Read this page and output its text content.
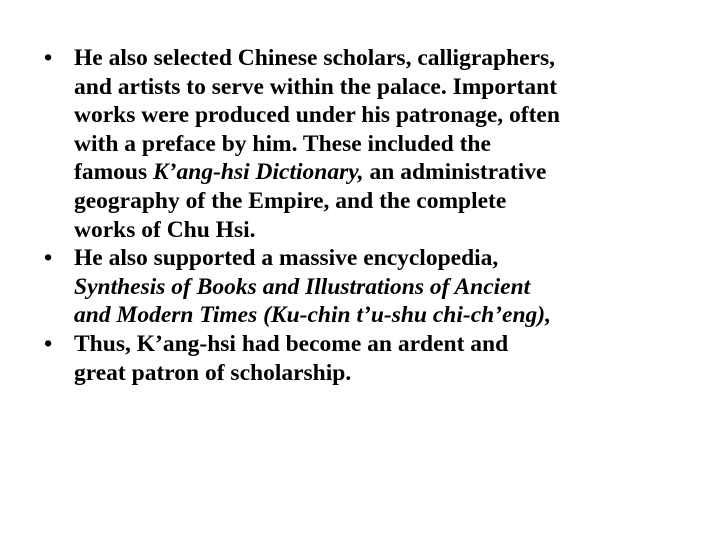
• He also selected Chinese scholars, calligraphers,
and artists to serve within the palace. Important
works were produced under his patronage, often
with a preface by him. These included the
famous K’ang-hsi Dictionary, an administrative
geography of the Empire, and the complete
works of Chu Hsi.
• He also supported a massive encyclopedia,
Synthesis of Books and Illustrations of Ancient
and Modern Times (Ku-chin t’u-shu chi-ch’eng),
• Thus, K’ang-hsi had become an ardent and
great patron of scholarship.
